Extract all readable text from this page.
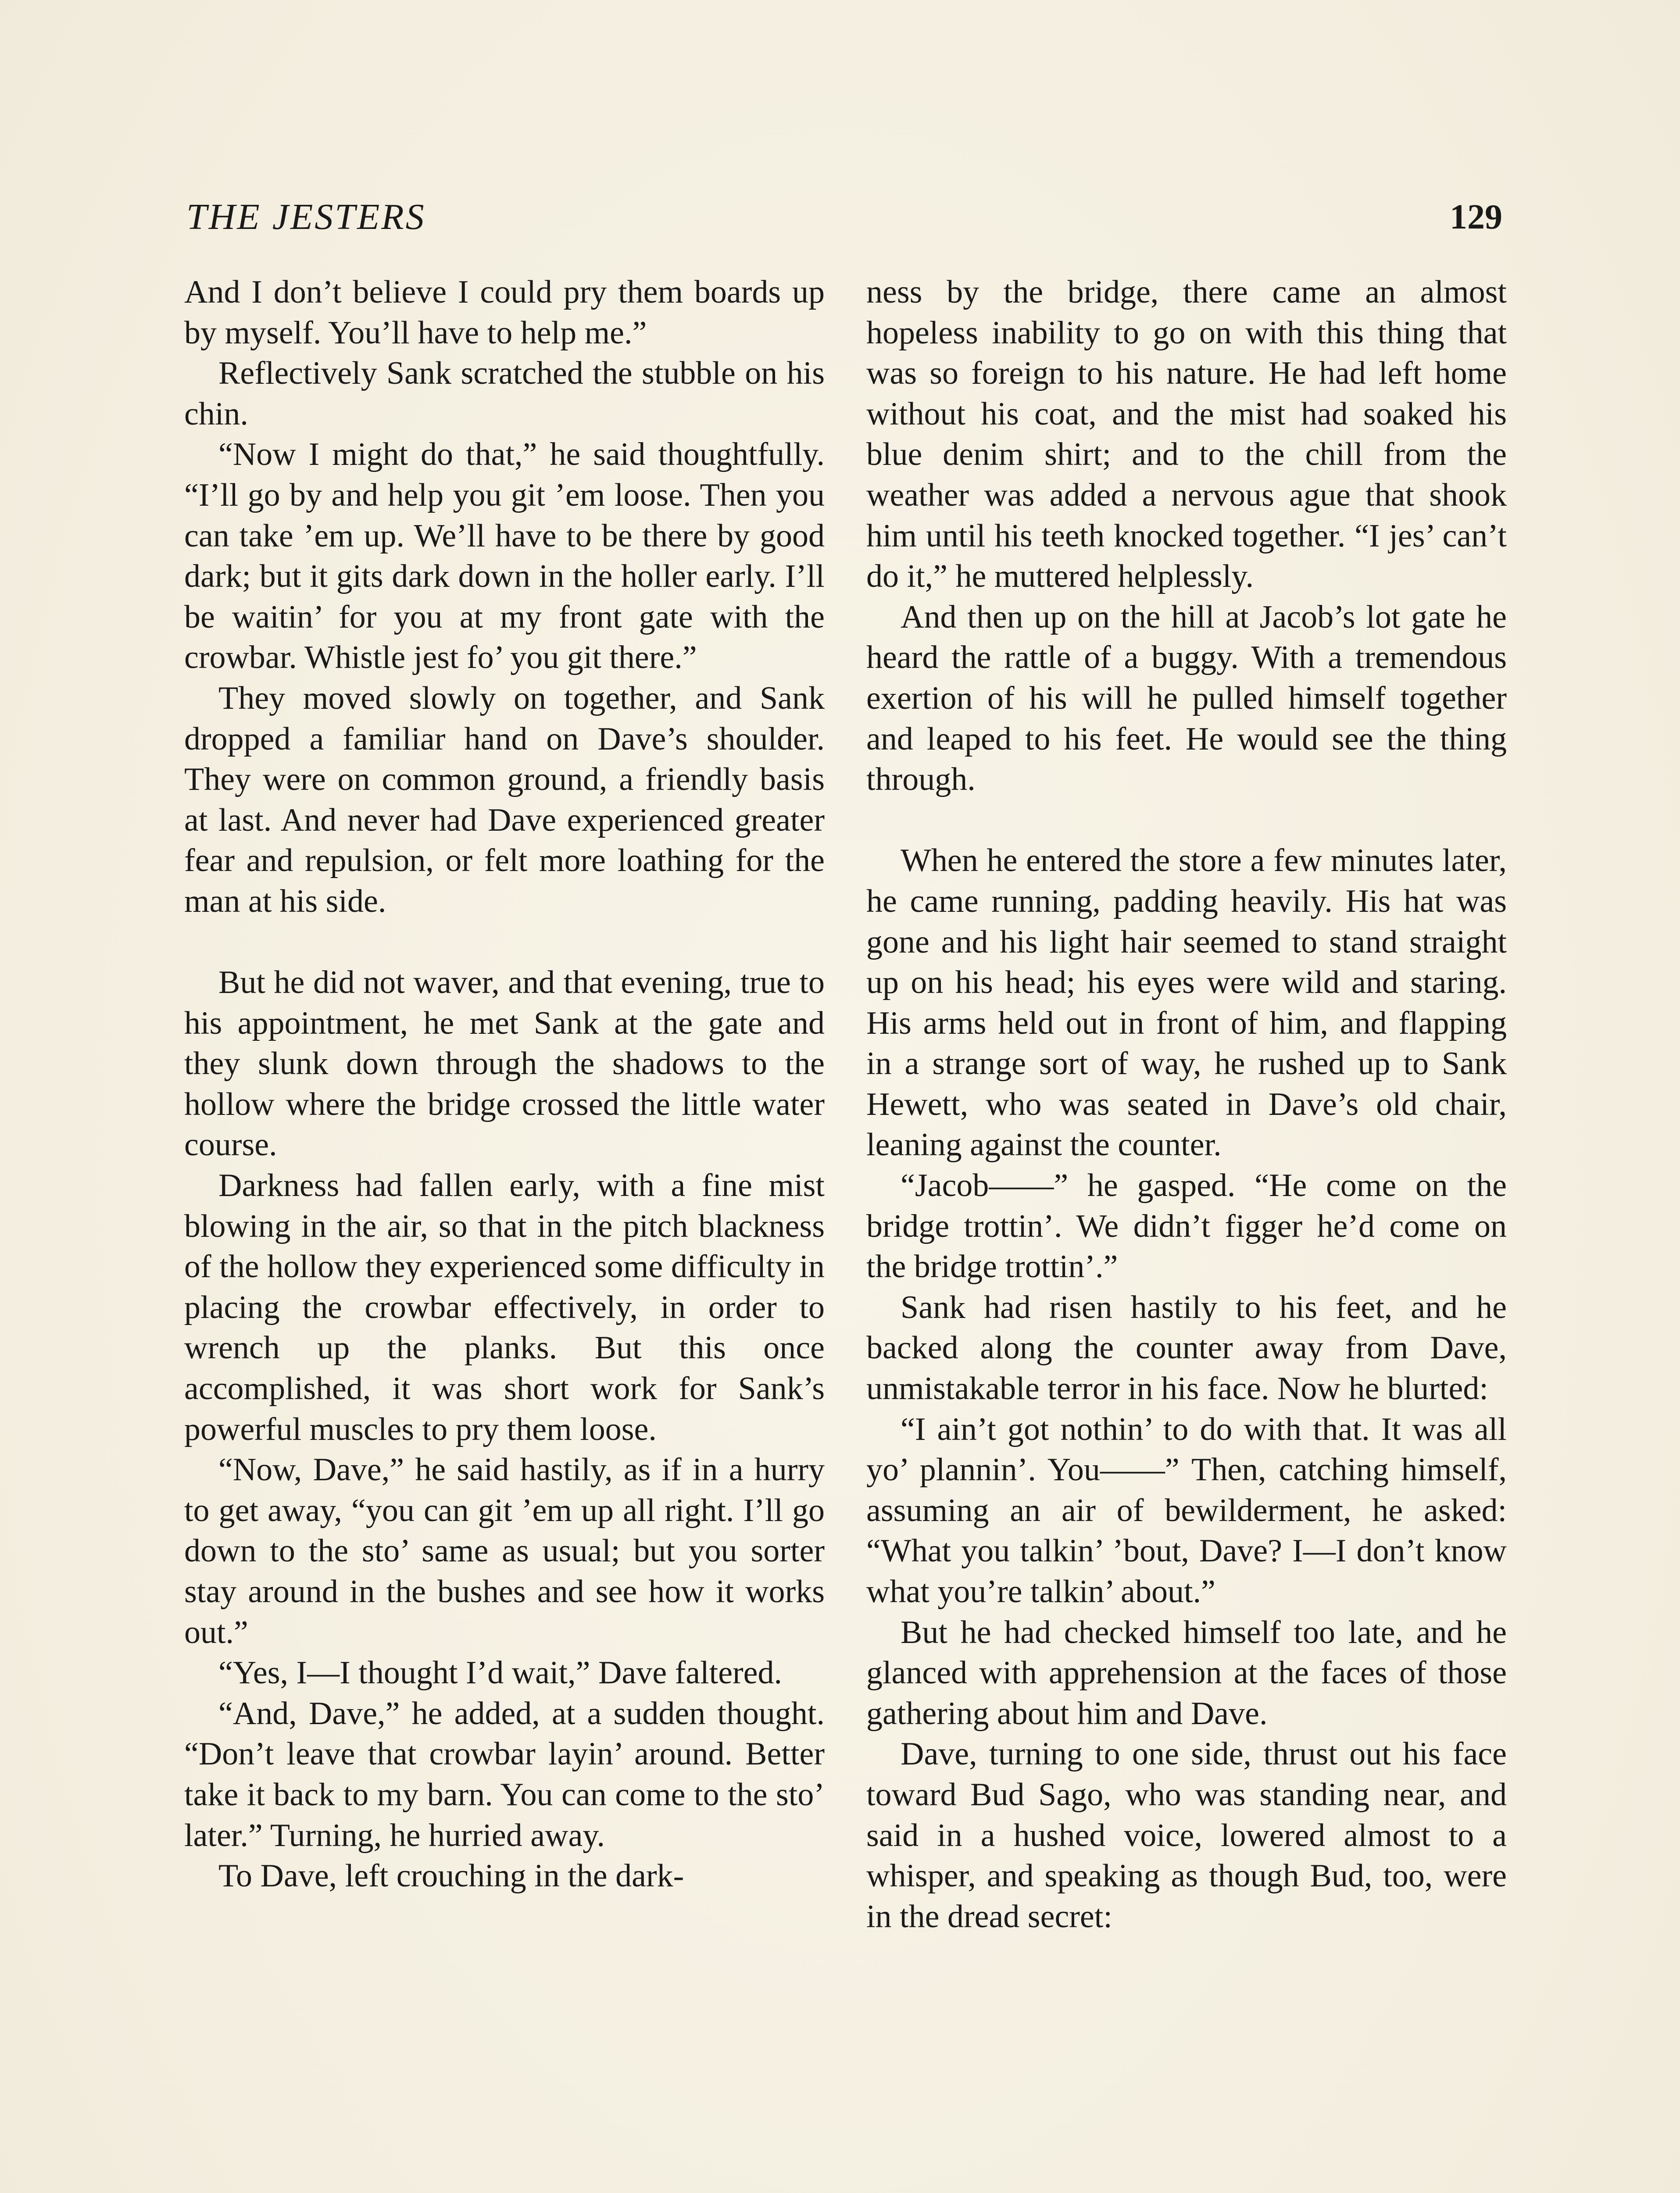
THE JESTERS	129

And I don’t believe I could pry them boards up by myself. You’ll have to help me.”

Reflectively Sank scratched the stubble on his chin.

“Now I might do that,” he said thoughtfully. “I’ll go by and help you git ’em loose. Then you can take ’em up. We’ll have to be there by good dark; but it gits dark down in the holler early. I’ll be waitin’ for you at my front gate with the crowbar. Whistle jest fo’ you git there.”

They moved slowly on together, and Sank dropped a familiar hand on Dave’s shoulder. They were on common ground, a friendly basis at last. And never had Dave experienced greater fear and repulsion, or felt more loathing for the man at his side.

But he did not waver, and that evening, true to his appointment, he met Sank at the gate and they slunk down through the shadows to the hollow where the bridge crossed the little water course.

Darkness had fallen early, with a fine mist blowing in the air, so that in the pitch blackness of the hollow they experienced some difficulty in placing the crowbar effectively, in order to wrench up the planks. But this once accomplished, it was short work for Sank’s powerful muscles to pry them loose.

“Now, Dave,” he said hastily, as if in a hurry to get away, “you can git ’em up all right. I’ll go down to the sto’ same as usual; but you sorter stay around in the bushes and see how it works out.”

“Yes, I—I thought I’d wait,” Dave faltered.

“And, Dave,” he added, at a sudden thought. “Don’t leave that crowbar layin’ around. Better take it back to my barn. You can come to the sto’ later.” Turning, he hurried away.

To Dave, left crouching in the dark-

ness by the bridge, there came an almost hopeless inability to go on with this thing that was so foreign to his nature. He had left home without his coat, and the mist had soaked his blue denim shirt; and to the chill from the weather was added a nervous ague that shook him until his teeth knocked together. “I jes’ can’t do it,” he muttered helplessly.

And then up on the hill at Jacob’s lot gate he heard the rattle of a buggy. With a tremendous exertion of his will he pulled himself together and leaped to his feet. He would see the thing through.

When he entered the store a few minutes later, he came running, padding heavily. His hat was gone and his light hair seemed to stand straight up on his head; his eyes were wild and staring. His arms held out in front of him, and flapping in a strange sort of way, he rushed up to Sank Hewett, who was seated in Dave’s old chair, leaning against the counter.

“Jacob——” he gasped. “He come on the bridge trottin’. We didn’t figger he’d come on the bridge trottin’.”

Sank had risen hastily to his feet, and he backed along the counter away from Dave, unmistakable terror in his face. Now he blurted:

“I ain’t got nothin’ to do with that. It was all yo’ plannin’. You——” Then, catching himself, assuming an air of bewilderment, he asked: “What you talkin’ ’bout, Dave? I—I don’t know what you’re talkin’ about.”

But he had checked himself too late, and he glanced with apprehension at the faces of those gathering about him and Dave.

Dave, turning to one side, thrust out his face toward Bud Sago, who was standing near, and said in a hushed voice, lowered almost to a whisper, and speaking as though Bud, too, were in the dread secret:
